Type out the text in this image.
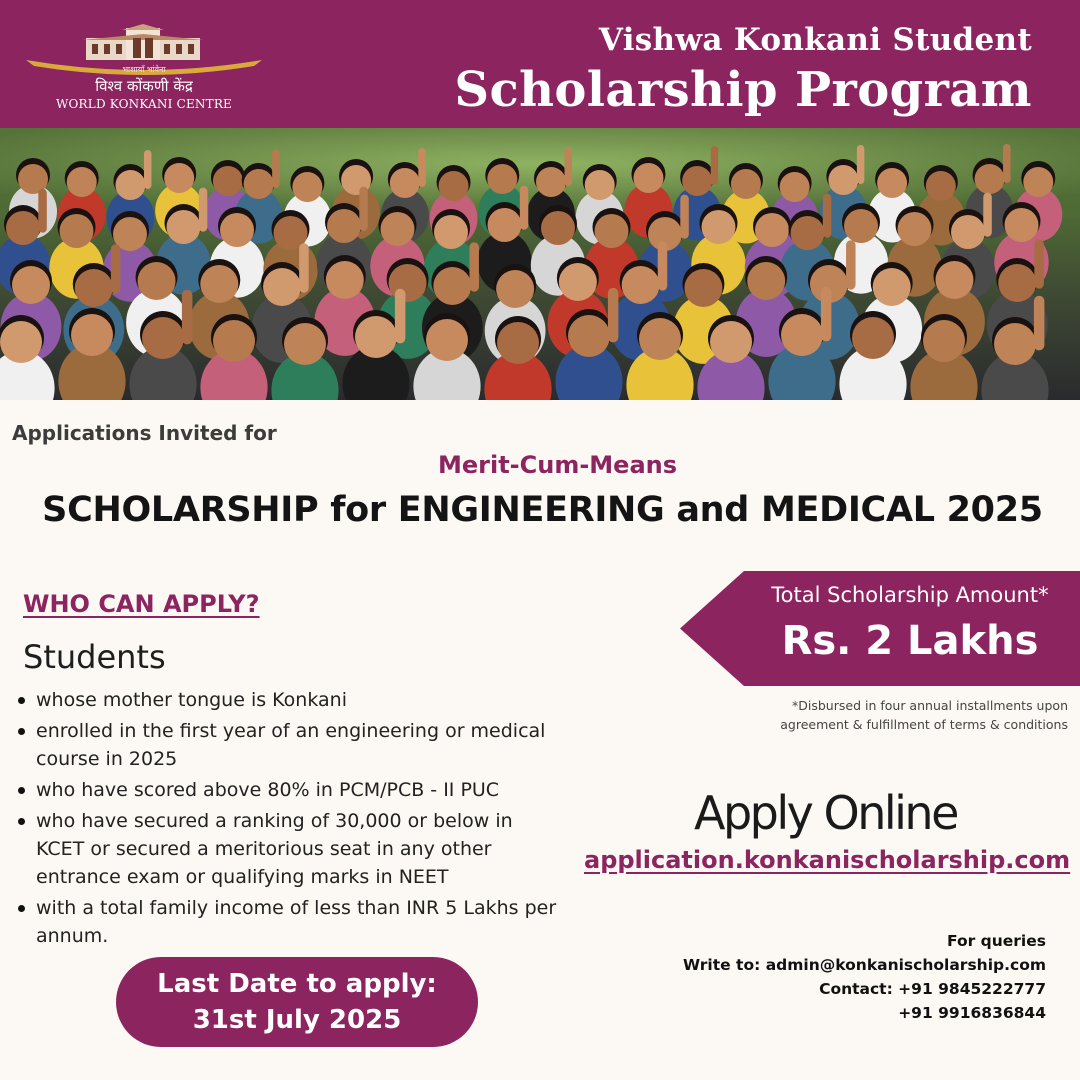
भाशायाँ भांवेना
विश्व कोंकणी केंद्र
WORLD KONKANI CENTRE
Vishwa Konkani Student
Scholarship Program
Applications Invited for
Merit-Cum-Means
SCHOLARSHIP for ENGINEERING and MEDICAL 2025
WHO CAN APPLY?
Students
whose mother tongue is Konkani
enrolled in the first year of an engineering or medical course in 2025
who have scored above 80% in PCM/PCB - II PUC
who have secured a ranking of 30,000 or below in KCET or secured a meritorious seat in any other entrance exam or qualifying marks in NEET
with a total family income of less than INR 5 Lakhs per annum.
Last Date to apply:
31st July 2025
Total Scholarship Amount*
Rs. 2 Lakhs
*Disbursed in four annual installments upon
agreement & fulfillment of terms & conditions
Apply Online
application.konkanischolarship.com
For queries
Write to: admin@konkanischolarship.com
Contact: +91 9845222777
+91 9916836844
